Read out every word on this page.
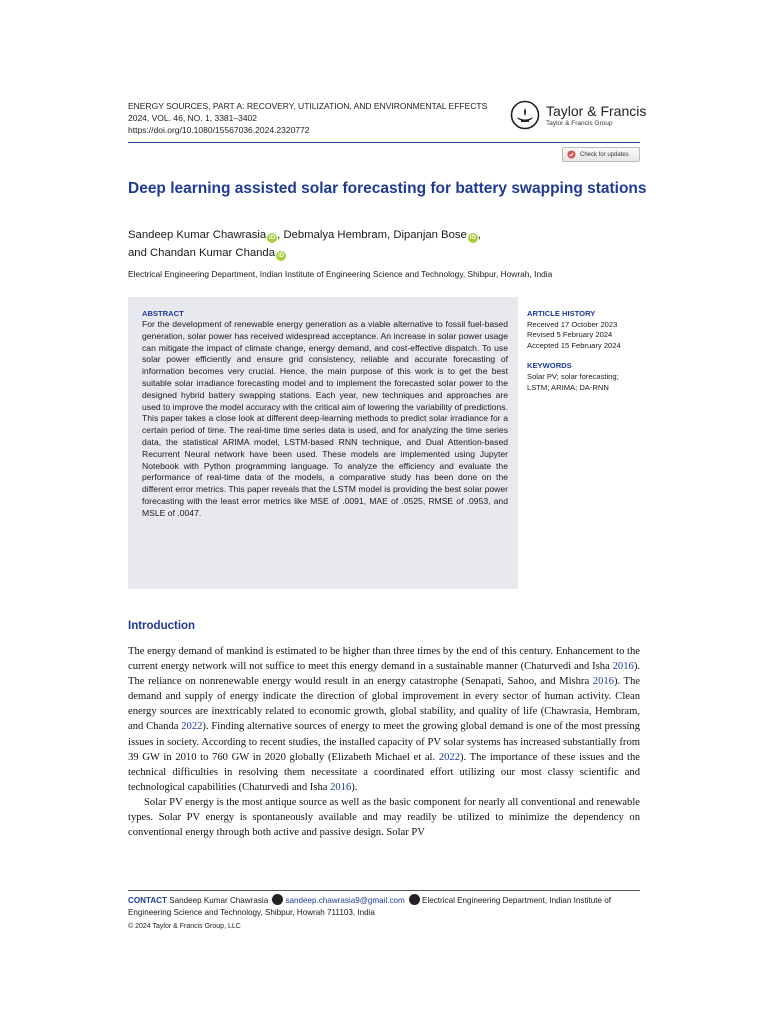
ENERGY SOURCES, PART A: RECOVERY, UTILIZATION, AND ENVIRONMENTAL EFFECTS
2024, VOL. 46, NO. 1, 3381–3402
https://doi.org/10.1080/15567036.2024.2320772
Taylor & Francis
Taylor & Francis Group
Check for updates
Deep learning assisted solar forecasting for battery swapping stations
Sandeep Kumar Chawrasia iD , Debmalya Hembram, Dipanjan Bose iD ,
and Chandan Kumar Chanda iD
Electrical Engineering Department, Indian Institute of Engineering Science and Technology, Shibpur, Howrah, India
ABSTRACT
For the development of renewable energy generation as a viable alternative to fossil fuel-based generation, solar power has received widespread acceptance. An increase in solar power usage can mitigate the impact of climate change, energy demand, and cost-effective dispatch. To use solar power efficiently and ensure grid consistency, reliable and accurate forecasting of information becomes very crucial. Hence, the main purpose of this work is to get the best suitable solar irradiance forecasting model and to implement the forecasted solar power to the designed hybrid battery swapping stations. Each year, new techniques and approaches are used to improve the model accuracy with the critical aim of lowering the variability of predictions. This paper takes a close look at different deep-learning methods to predict solar irradiance for a certain period of time. The real-time time series data is used, and for analyzing the time series data, the statistical ARIMA model, LSTM-based RNN technique, and Dual Attention-based Recurrent Neural network have been used. These models are implemented using Jupyter Notebook with Python programming language. To analyze the efficiency and evaluate the performance of real-time data of the models, a comparative study has been done on the different error metrics. This paper reveals that the LSTM model is providing the best solar power forecasting with the least error metrics like MSE of .0091, MAE of .0525, RMSE of .0953, and MSLE of .0047.
ARTICLE HISTORY
Received 17 October 2023
Revised 5 February 2024
Accepted 15 February 2024
KEYWORDS
Solar PV; solar forecasting;
LSTM; ARIMA; DA-RNN
Introduction

The energy demand of mankind is estimated to be higher than three times by the end of this century. Enhancement to the current energy network will not suffice to meet this energy demand in a sustainable manner (Chaturvedi and Isha 2016). The reliance on nonrenewable energy would result in an energy catastrophe (Senapati, Sahoo, and Mishra 2016). The demand and supply of energy indicate the direction of global improvement in every sector of human activity. Clean energy sources are inextricably related to economic growth, global stability, and quality of life (Chawrasia, Hembram, and Chanda 2022). Finding alternative sources of energy to meet the growing global demand is one of the most pressing issues in society. According to recent studies, the installed capacity of PV solar systems has increased substantially from 39 GW in 2010 to 760 GW in 2020 globally (Elizabeth Michael et al. 2022). The importance of these issues and the technical difficulties in resolving them necessitate a coordinated effort utilizing our most classy scientific and technological capabilities (Chaturvedi and Isha 2016).

Solar PV energy is the most antique source as well as the basic component for nearly all conventional and renewable types. Solar PV energy is spontaneously available and may readily be utilized to minimize the dependency on conventional energy through both active and passive design. Solar PV

CONTACT Sandeep Kumar Chawrasia sandeep.chawrasia9@gmail.com Electrical Engineering Department, Indian Institute of Engineering Science and Technology, Shibpur, Howrah 711103, India
© 2024 Taylor & Francis Group, LLC
